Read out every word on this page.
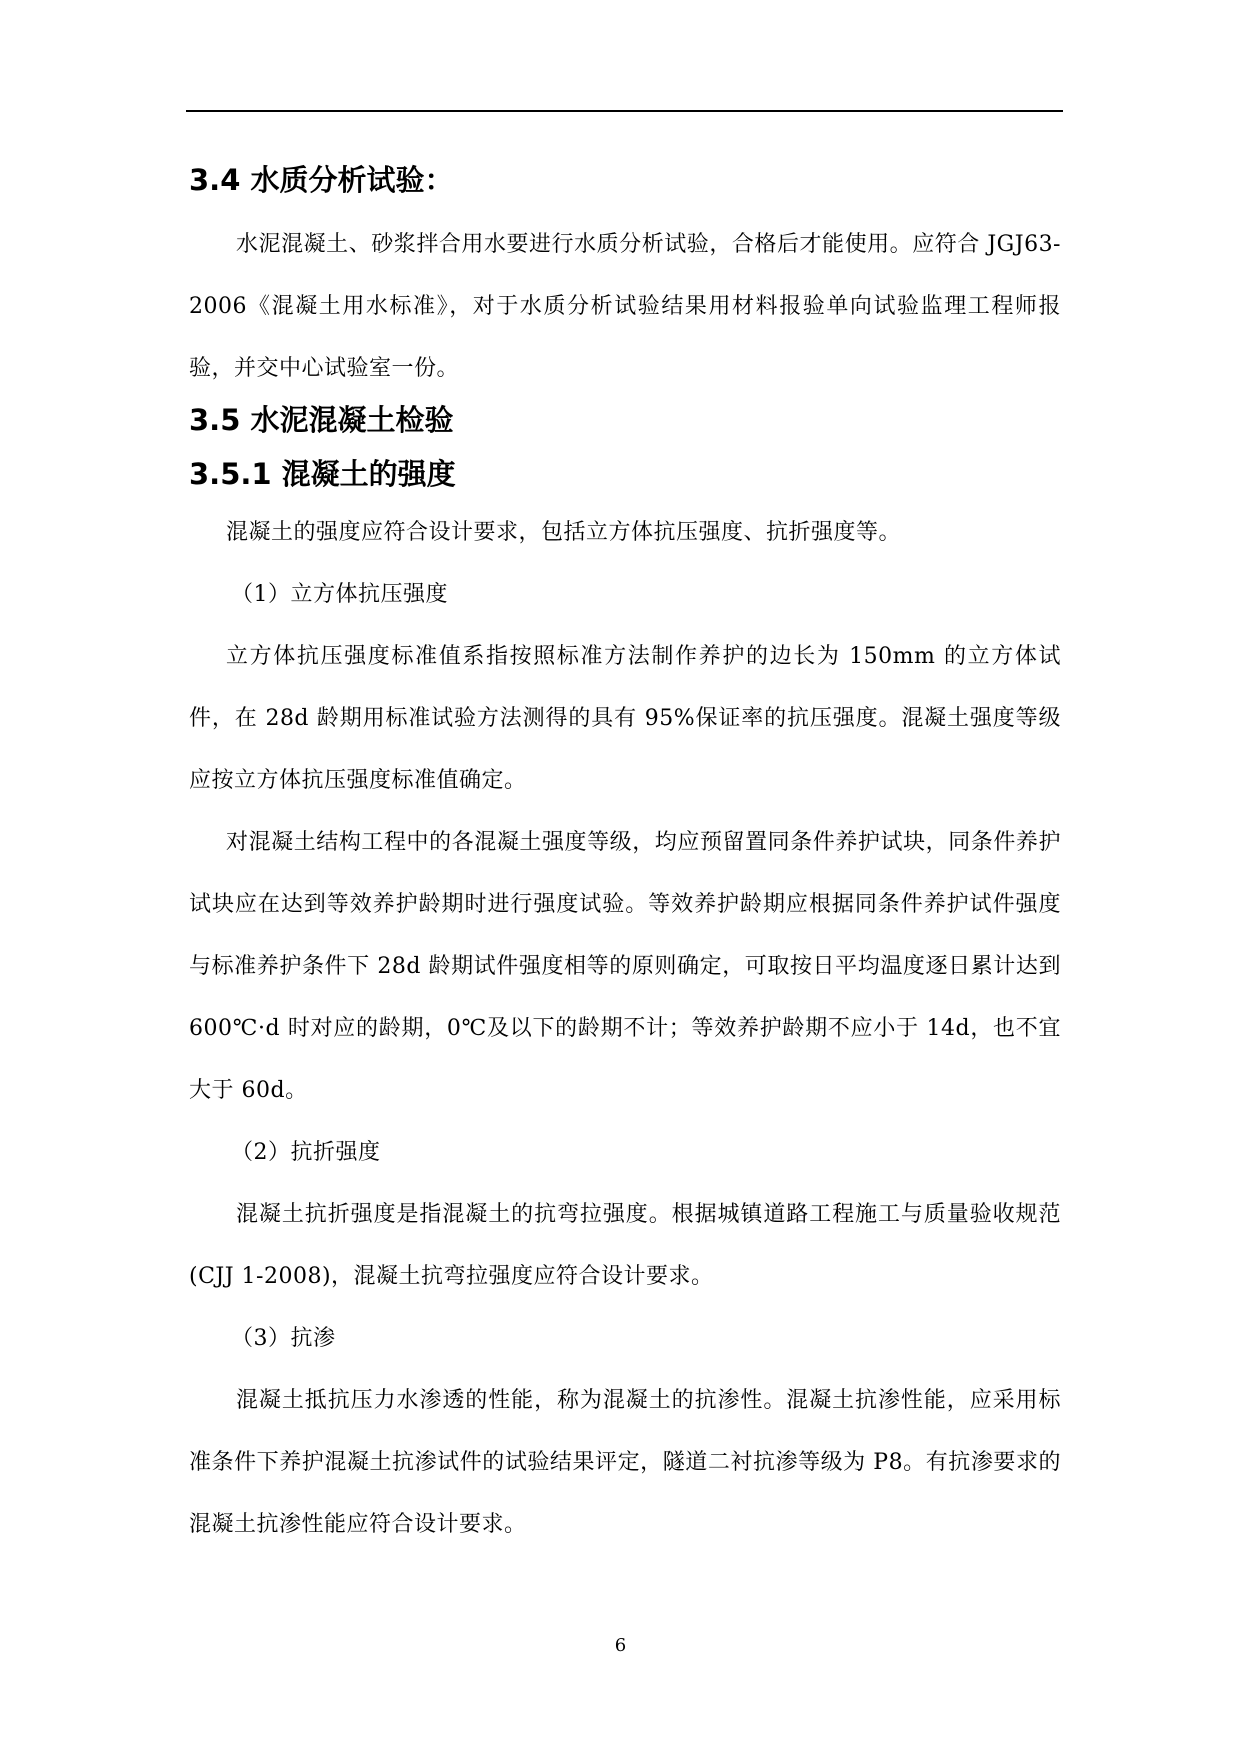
3.4 水质分析试验：

水泥混凝土、砂浆拌合用水要进行水质分析试验，合格后才能使用。应符合 JGJ63-2006《混凝土用水标准》，对于水质分析试验结果用材料报验单向试验监理工程师报验，并交中心试验室一份。

3.5 水泥混凝土检验
3.5.1 混凝土的强度

混凝土的强度应符合设计要求，包括立方体抗压强度、抗折强度等。

（1）立方体抗压强度

立方体抗压强度标准值系指按照标准方法制作养护的边长为 150mm 的立方体试件，在 28d 龄期用标准试验方法测得的具有 95%保证率的抗压强度。混凝土强度等级应按立方体抗压强度标准值确定。

对混凝土结构工程中的各混凝土强度等级，均应预留置同条件养护试块，同条件养护试块应在达到等效养护龄期时进行强度试验。等效养护龄期应根据同条件养护试件强度与标准养护条件下 28d 龄期试件强度相等的原则确定，可取按日平均温度逐日累计达到 600℃·d 时对应的龄期，0℃及以下的龄期不计；等效养护龄期不应小于 14d，也不宜大于 60d。

（2）抗折强度

混凝土抗折强度是指混凝土的抗弯拉强度。根据城镇道路工程施工与质量验收规范(CJJ 1-2008)，混凝土抗弯拉强度应符合设计要求。

（3）抗渗

混凝土抵抗压力水渗透的性能，称为混凝土的抗渗性。混凝土抗渗性能，应采用标准条件下养护混凝土抗渗试件的试验结果评定，隧道二衬抗渗等级为 P8。有抗渗要求的混凝土抗渗性能应符合设计要求。

6
